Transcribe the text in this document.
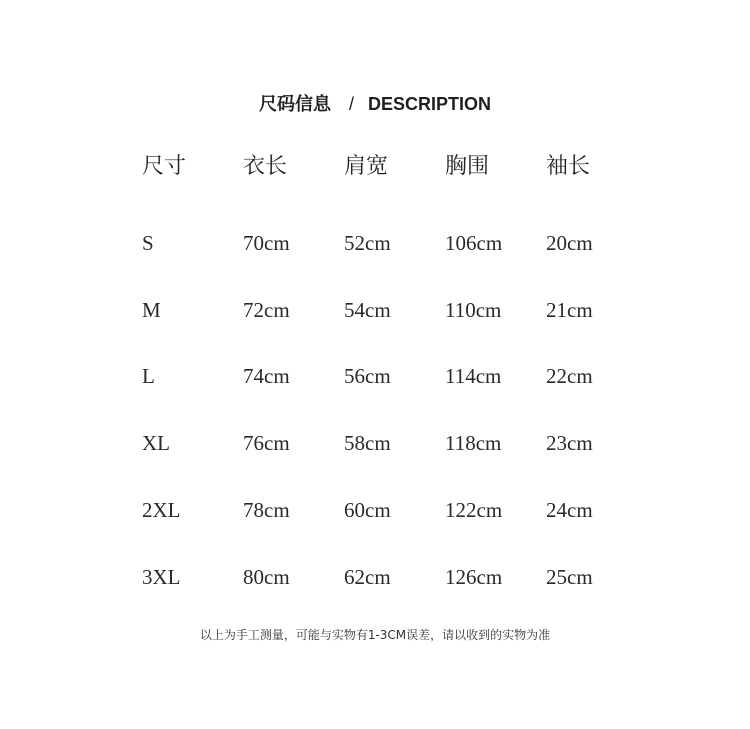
尺码信息 / DESCRIPTION
尺寸	衣长	肩宽	胸围	袖长

S	70cm	52cm	106cm	20cm
M	72cm	54cm	110cm	21cm
L	74cm	56cm	114cm	22cm
XL	76cm	58cm	118cm	23cm
2XL	78cm	60cm	122cm	24cm
3XL	80cm	62cm	126cm	25cm
以上为手工测量，可能与实物有1-3CM误差，请以收到的实物为准
